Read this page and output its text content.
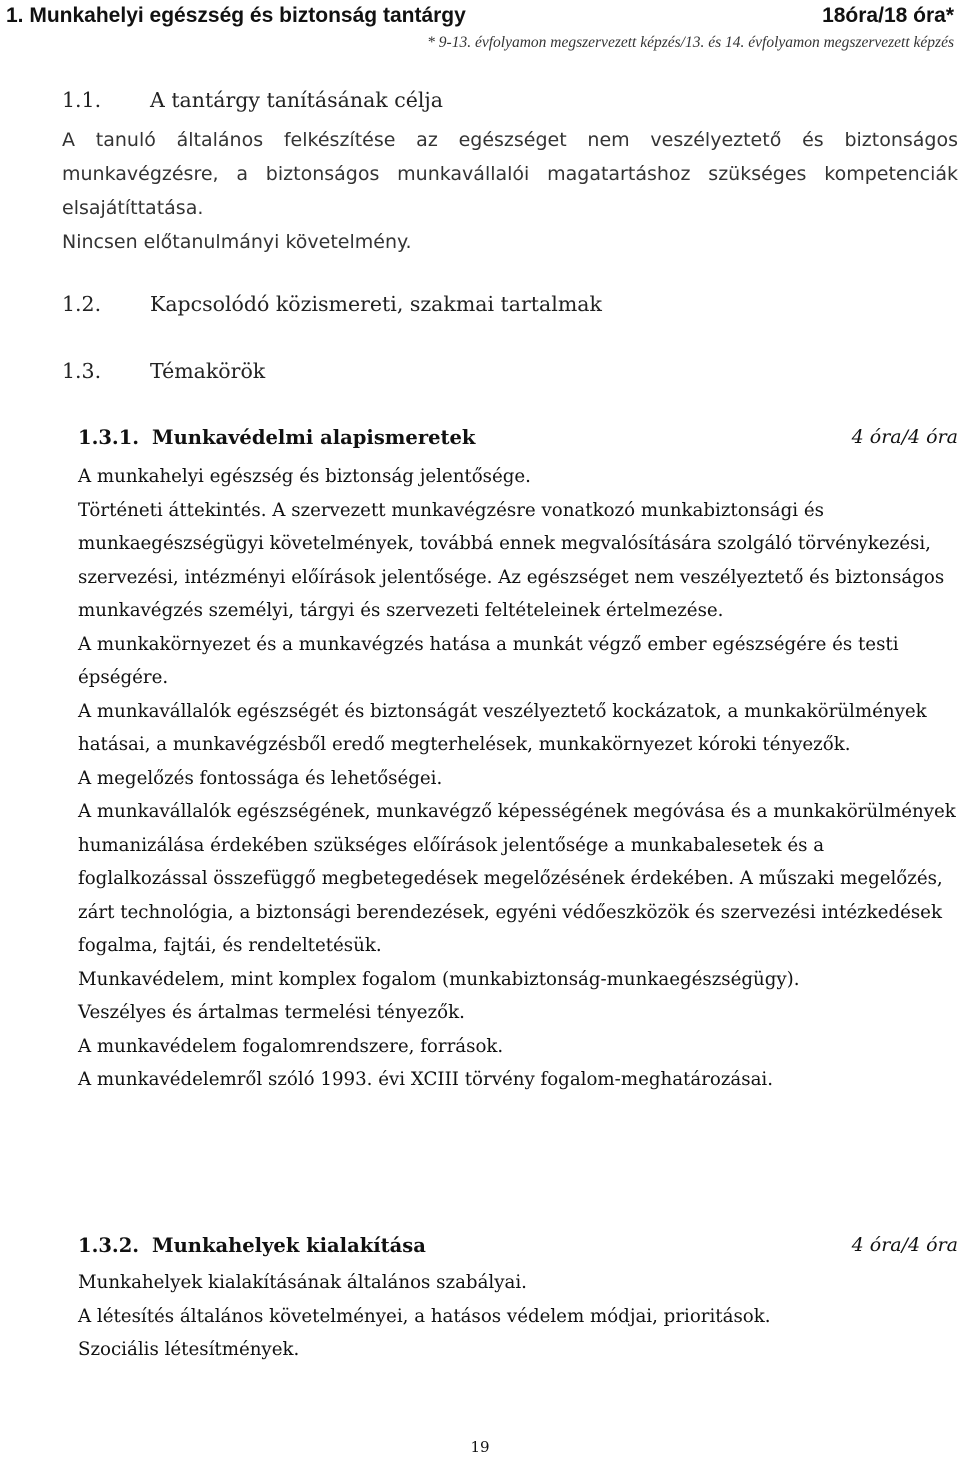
1. Munkahelyi egészség és biztonság tantárgy	18óra/18 óra*
* 9-13. évfolyamon megszervezett képzés/13. és 14. évfolyamon megszervezett képzés
1.1. A tantárgy tanításának célja
A tanuló általános felkészítése az egészséget nem veszélyeztető és biztonságos munkavégzésre, a biztonságos munkavállalói magatartáshoz szükséges kompetenciák elsajátíttatása.
Nincsen előtanulmányi követelmény.
1.2. Kapcsolódó közismereti, szakmai tartalmak
1.3. Témakörök
1.3.1. Munkavédelmi alapismeretek	4 óra/4 óra
A munkahelyi egészség és biztonság jelentősége.
Történeti áttekintés. A szervezett munkavégzésre vonatkozó munkabiztonsági és munkaegészségügyi követelmények, továbbá ennek megvalósítására szolgáló törvénykezési, szervezési, intézményi előírások jelentősége. Az egészséget nem veszélyeztető és biztonságos munkavégzés személyi, tárgyi és szervezeti feltételeinek értelmezése.
A munkakörnyezet és a munkavégzés hatása a munkát végző ember egészségére és testi épségére.
A munkavállalók egészségét és biztonságát veszélyeztető kockázatok, a munkakörülmények hatásai, a munkavégzésből eredő megterhelések, munkakörnyezet kóroki tényezők.
A megelőzés fontossága és lehetőségei.
A munkavállalók egészségének, munkavégző képességének megóvása és a munkakörülmények humanizálása érdekében szükséges előírások jelentősége a munkabalesetek és a foglalkozással összefüggő megbetegedések megelőzésének érdekében. A műszaki megelőzés, zárt technológia, a biztonsági berendezések, egyéni védőeszközök és szervezési intézkedések fogalma, fajtái, és rendeltetésük.
Munkavédelem, mint komplex fogalom (munkabiztonság-munkaegészségügy).
Veszélyes és ártalmas termelési tényezők.
A munkavédelem fogalomrendszere, források.
A munkavédelemről szóló 1993. évi XCIII törvény fogalom-meghatározásai.
1.3.2. Munkahelyek kialakítása	4 óra/4 óra
Munkahelyek kialakításának általános szabályai.
A létesítés általános követelményei, a hatásos védelem módjai, prioritások.
Szociális létesítmények.
19
